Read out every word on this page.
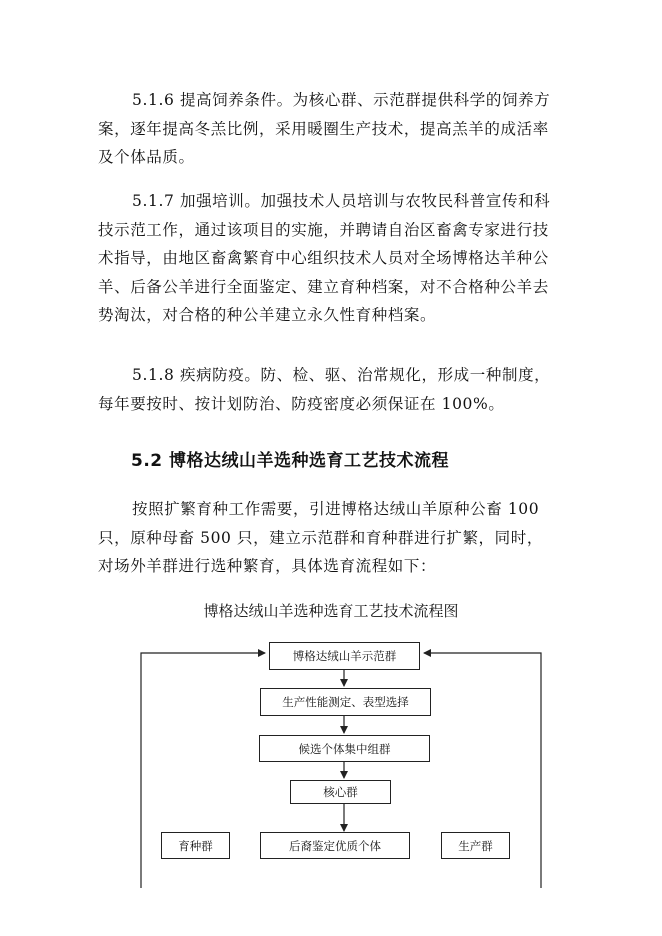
5.1.6 提高饲养条件。为核心群、示范群提供科学的饲养方案，逐年提高冬羔比例，采用暖圈生产技术，提高羔羊的成活率及个体品质。

5.1.7 加强培训。加强技术人员培训与农牧民科普宣传和科技示范工作，通过该项目的实施，并聘请自治区畜禽专家进行技术指导，由地区畜禽繁育中心组织技术人员对全场博格达羊种公羊、后备公羊进行全面鉴定、建立育种档案，对不合格种公羊去势淘汰，对合格的种公羊建立永久性育种档案。

5.1.8 疾病防疫。防、检、驱、治常规化，形成一种制度，每年要按时、按计划防治、防疫密度必须保证在 100%。

5.2 博格达绒山羊选种选育工艺技术流程

按照扩繁育种工作需要，引进博格达绒山羊原种公畜 100只，原种母畜 500 只，建立示范群和育种群进行扩繁，同时，对场外羊群进行选种繁育，具体选育流程如下：

博格达绒山羊选种选育工艺技术流程图

博格达绒山羊示范群
生产性能测定、表型选择
候选个体集中组群
核心群
育种群	后裔鉴定优质个体	生产群
